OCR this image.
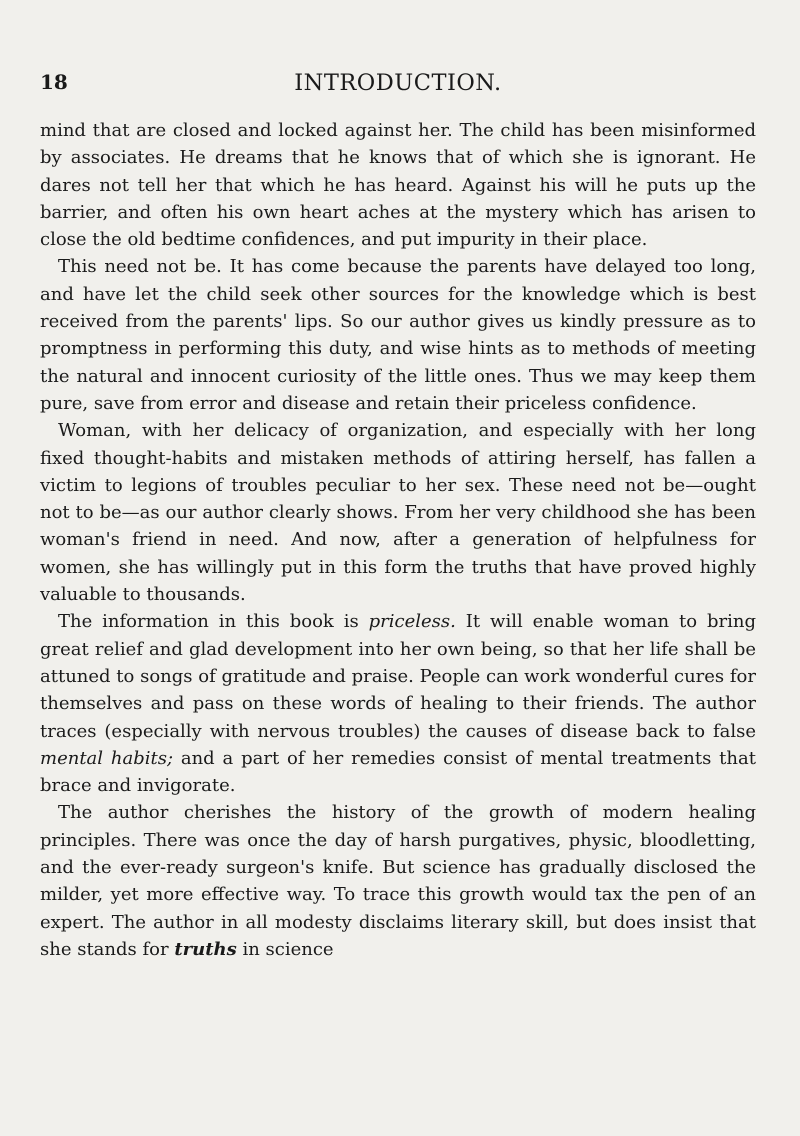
18	INTRODUCTION.

mind that are closed and locked against her. The child has been misinformed by associates. He dreams that he knows that of which she is ignorant. He dares not tell her that which he has heard. Against his will he puts up the barrier, and often his own heart aches at the mystery which has arisen to close the old bedtime confidences, and put impurity in their place.

This need not be. It has come because the parents have delayed too long, and have let the child seek other sources for the knowledge which is best received from the parents' lips. So our author gives us kindly pressure as to promptness in performing this duty, and wise hints as to methods of meeting the natural and innocent curiosity of the little ones. Thus we may keep them pure, save from error and disease and retain their priceless confidence.

Woman, with her delicacy of organization, and especially with her long fixed thought-habits and mistaken methods of attiring herself, has fallen a victim to legions of troubles peculiar to her sex. These need not be—ought not to be—as our author clearly shows. From her very childhood she has been woman's friend in need. And now, after a generation of helpfulness for women, she has willingly put in this form the truths that have proved highly valuable to thousands.

The information in this book is priceless. It will enable woman to bring great relief and glad development into her own being, so that her life shall be attuned to songs of gratitude and praise. People can work wonderful cures for themselves and pass on these words of healing to their friends. The author traces (especially with nervous troubles) the causes of disease back to false mental habits; and a part of her remedies consist of mental treatments that brace and invigorate.

The author cherishes the history of the growth of modern healing principles. There was once the day of harsh purgatives, physic, bloodletting, and the ever-ready surgeon's knife. But science has gradually disclosed the milder, yet more effective way. To trace this growth would tax the pen of an expert. The author in all modesty disclaims literary skill, but does insist that she stands for truths in science
